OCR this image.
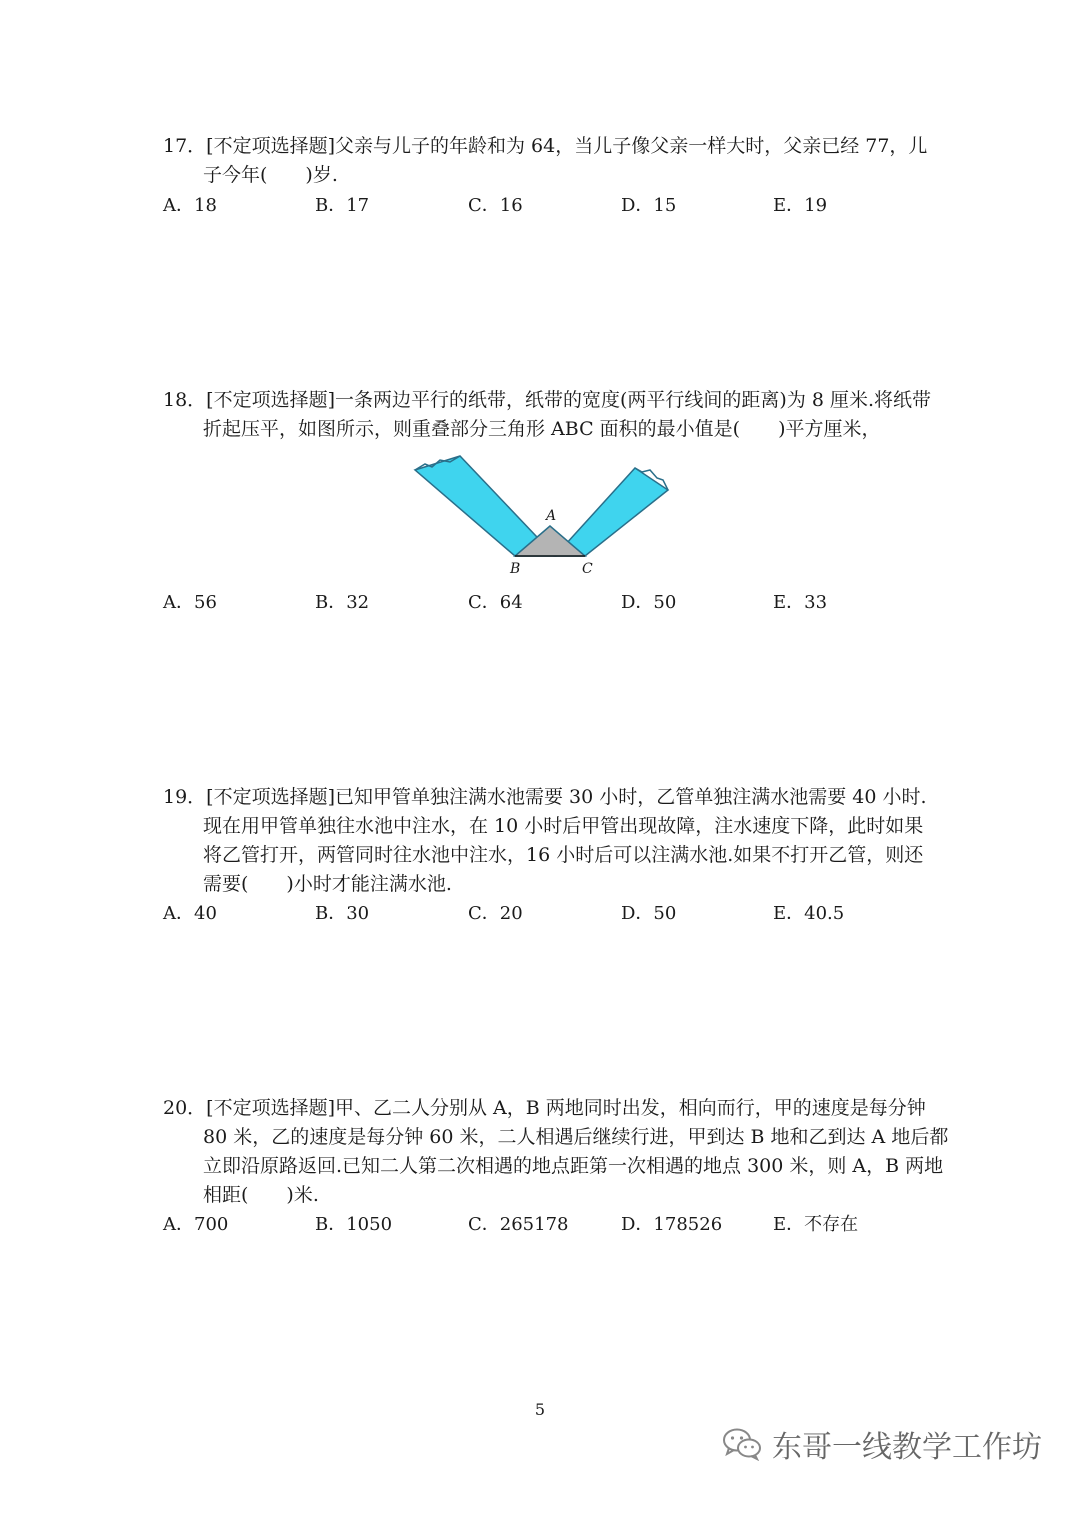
17．[不定项选择题]父亲与儿子的年龄和为 64，当儿子像父亲一样大时，父亲已经 77，儿
子今年(　　)岁.
A．18	B．17	C．16	D．15	E．19
18．[不定项选择题]一条两边平行的纸带，纸带的宽度(两平行线间的距离)为 8 厘米.将纸带
折起压平，如图所示，则重叠部分三角形 ABC 面积的最小值是(　　)平方厘米，
A
B	C
A．56	B．32	C．64	D．50	E．33
19．[不定项选择题]已知甲管单独注满水池需要 30 小时，乙管单独注满水池需要 40 小时.
现在用甲管单独往水池中注水，在 10 小时后甲管出现故障，注水速度下降，此时如果
将乙管打开，两管同时往水池中注水，16 小时后可以注满水池.如果不打开乙管，则还
需要(　　)小时才能注满水池.
A．40	B．30	C．20	D．50	E．40.5
20．[不定项选择题]甲、乙二人分别从 A，B 两地同时出发，相向而行，甲的速度是每分钟
80 米，乙的速度是每分钟 60 米，二人相遇后继续行进，甲到达 B 地和乙到达 A 地后都
立即沿原路返回.已知二人第二次相遇的地点距第一次相遇的地点 300 米，则 A，B 两地
相距(　　)米.
A．700	B．1050	C．265178	D．178526	E．不存在
5
东哥一线教学工作坊
